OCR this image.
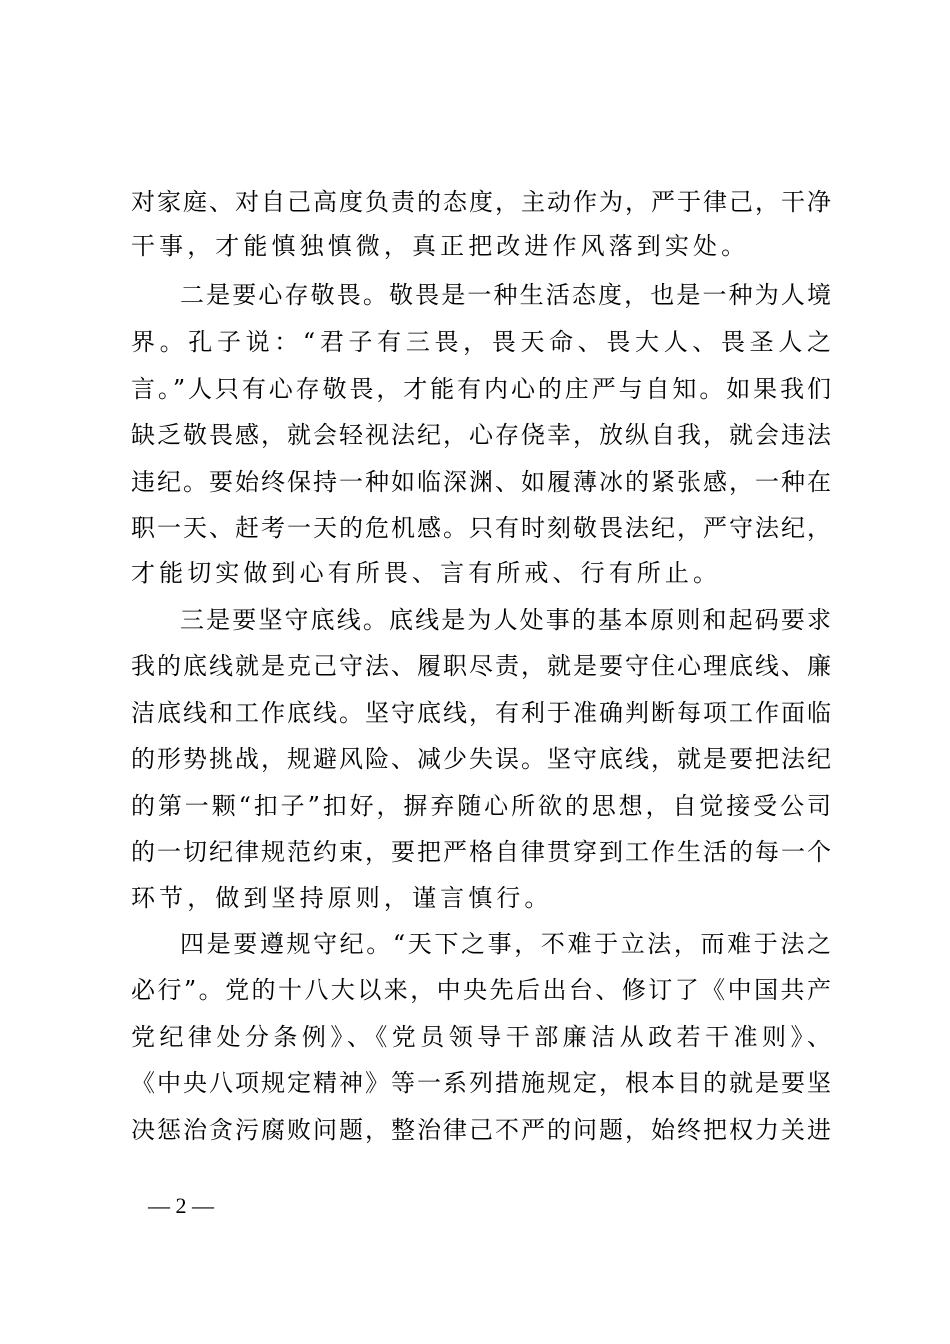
对家庭、对自己高度负责的态度，主动作为，严于律己，干净
干事，才能慎独慎微，真正把改进作风落到实处。
二是要心存敬畏。敬畏是一种生活态度，也是一种为人境
界。孔子说：“君子有三畏，畏天命、畏大人、畏圣人之
言。”人只有心存敬畏，才能有内心的庄严与自知。如果我们
缺乏敬畏感，就会轻视法纪，心存侥幸，放纵自我，就会违法
违纪。要始终保持一种如临深渊、如履薄冰的紧张感，一种在
职一天、赶考一天的危机感。只有时刻敬畏法纪，严守法纪，
才能切实做到心有所畏、言有所戒、行有所止。
三是要坚守底线。底线是为人处事的基本原则和起码要求
我的底线就是克己守法、履职尽责，就是要守住心理底线、廉
洁底线和工作底线。坚守底线，有利于准确判断每项工作面临
的形势挑战，规避风险、减少失误。坚守底线，就是要把法纪
的第一颗“扣子”扣好，摒弃随心所欲的思想，自觉接受公司
的一切纪律规范约束，要把严格自律贯穿到工作生活的每一个
环节，做到坚持原则，谨言慎行。
四是要遵规守纪。“天下之事，不难于立法，而难于法之
必行”。党的十八大以来，中央先后出台、修订了《中国共产
党纪律处分条例》、《党员领导干部廉洁从政若干准则》、
《中央八项规定精神》等一系列措施规定，根本目的就是要坚
决惩治贪污腐败问题，整治律己不严的问题，始终把权力关进
— 2 —
